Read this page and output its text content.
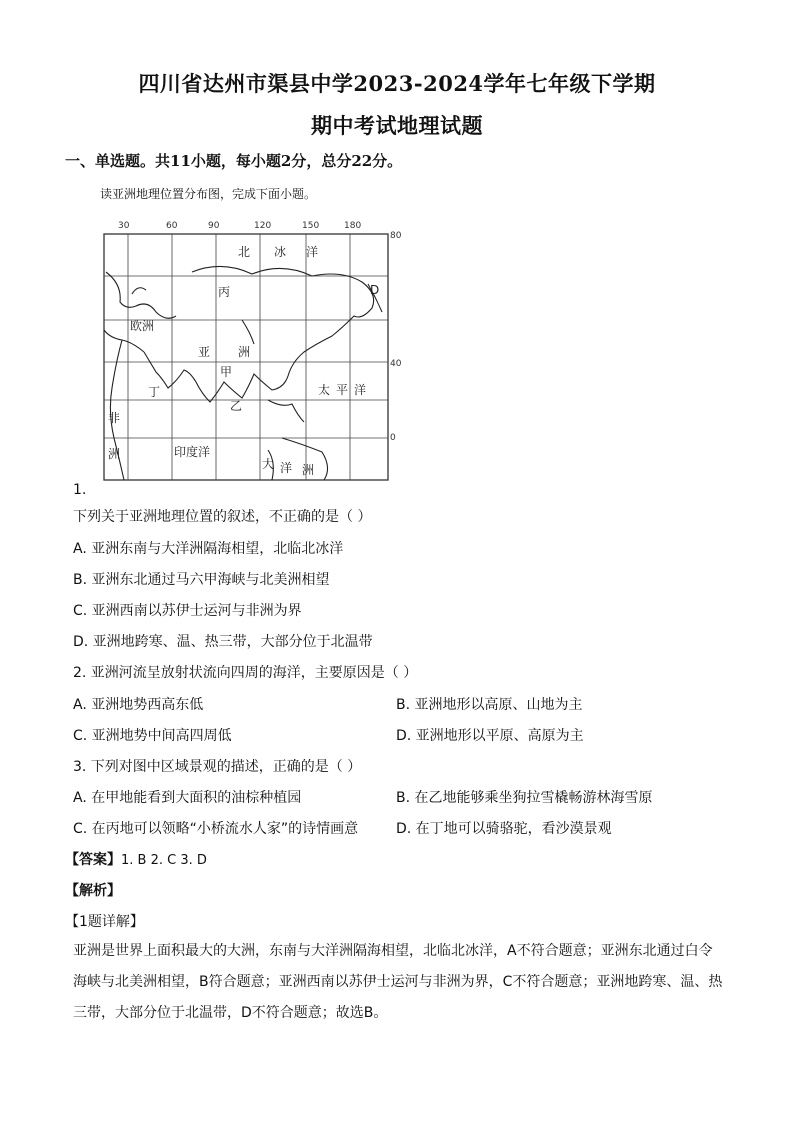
四川省达州市渠县中学2023-2024学年七年级下学期
期中考试地理试题
一、单选题。共11小题，每小题2分，总分22分。
读亚洲地理位置分布图，完成下面小题。
30	60	90	120	150	180
80
40
0
北 冰 洋
D
丙
欧洲
亚 洲
甲
丁
乙
太 平 洋
非
洲	印度洋
大 洋 洲
1.
下列关于亚洲地理位置的叙述，不正确的是（ ）
A. 亚洲东南与大洋洲隔海相望，北临北冰洋
B. 亚洲东北通过马六甲海峡与北美洲相望
C. 亚洲西南以苏伊士运河与非洲为界
D. 亚洲地跨寒、温、热三带，大部分位于北温带
2. 亚洲河流呈放射状流向四周的海洋，主要原因是（ ）
A. 亚洲地势西高东低	B. 亚洲地形以高原、山地为主
C. 亚洲地势中间高四周低	D. 亚洲地形以平原、高原为主
3. 下列对图中区域景观的描述，正确的是（ ）
A. 在甲地能看到大面积的油棕种植园	B. 在乙地能够乘坐狗拉雪橇畅游林海雪原
C. 在丙地可以领略“小桥流水人家”的诗情画意	D. 在丁地可以骑骆驼，看沙漠景观
【答案】1. B 2. C 3. D
【解析】
【1题详解】
亚洲是世界上面积最大的大洲，东南与大洋洲隔海相望，北临北冰洋，A不符合题意；亚洲东北通过白令海峡与北美洲相望，B符合题意；亚洲西南以苏伊士运河与非洲为界，C不符合题意；亚洲地跨寒、温、热三带，大部分位于北温带，D不符合题意；故选B。
